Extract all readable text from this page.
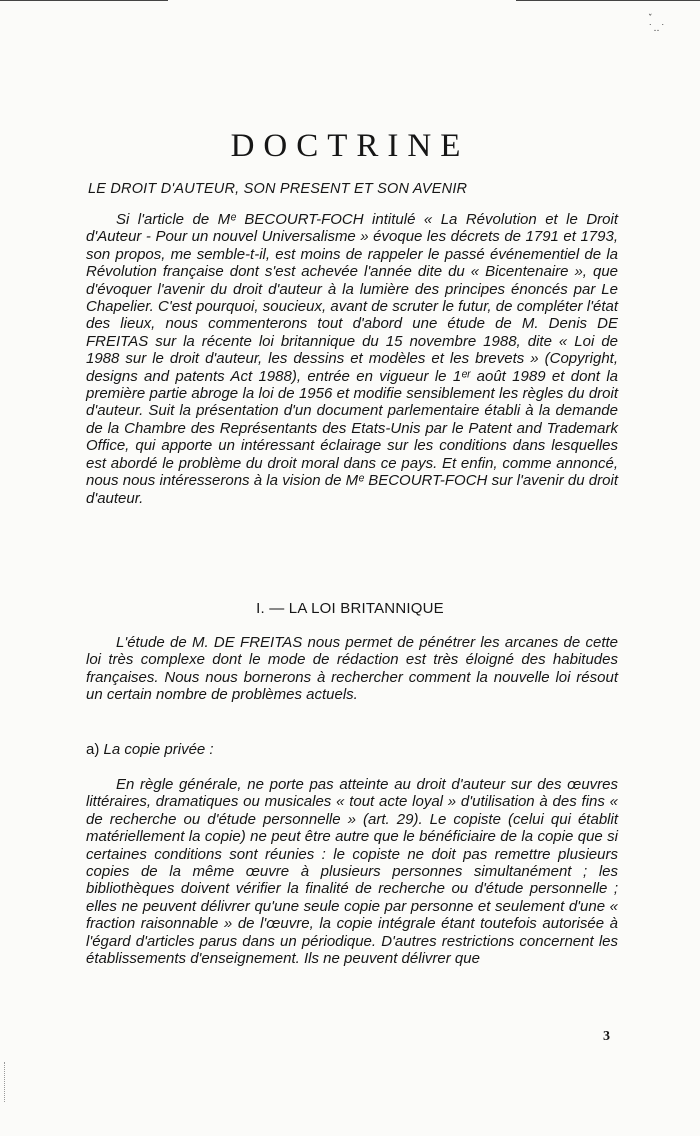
ˇ
˙‥˙
DOCTRINE
LE DROIT D'AUTEUR, SON PRESENT ET SON AVENIR

Si l'article de Mᵉ BECOURT-FOCH intitulé « La Révolution et le Droit d'Auteur - Pour un nouvel Universalisme » évoque les décrets de 1791 et 1793, son propos, me semble-t-il, est moins de rappeler le passé événementiel de la Révolution française dont s'est achevée l'année dite du « Bicentenaire », que d'évoquer l'avenir du droit d'auteur à la lumière des principes énoncés par Le Chapelier. C'est pourquoi, soucieux, avant de scruter le futur, de compléter l'état des lieux, nous commenterons tout d'abord une étude de M. Denis DE FREITAS sur la récente loi britannique du 15 novembre 1988, dite « Loi de 1988 sur le droit d'auteur, les dessins et modèles et les brevets » (Copyright, designs and patents Act 1988), entrée en vigueur le 1ᵉʳ août 1989 et dont la première partie abroge la loi de 1956 et modifie sensiblement les règles du droit d'auteur. Suit la présentation d'un document parlementaire établi à la demande de la Chambre des Représentants des Etats-Unis par le Patent and Trademark Office, qui apporte un intéressant éclairage sur les conditions dans lesquelles est abordé le problème du droit moral dans ce pays. Et enfin, comme annoncé, nous nous intéresserons à la vision de Mᵉ BECOURT-FOCH sur l'avenir du droit d'auteur.

I. — LA LOI BRITANNIQUE

L'étude de M. DE FREITAS nous permet de pénétrer les arcanes de cette loi très complexe dont le mode de rédaction est très éloigné des habitudes françaises. Nous nous bornerons à rechercher comment la nouvelle loi résout un certain nombre de problèmes actuels.

a) La copie privée :

En règle générale, ne porte pas atteinte au droit d'auteur sur des œuvres littéraires, dramatiques ou musicales « tout acte loyal » d'utilisation à des fins « de recherche ou d'étude personnelle » (art. 29). Le copiste (celui qui établit matériellement la copie) ne peut être autre que le bénéficiaire de la copie que si certaines conditions sont réunies : le copiste ne doit pas remettre plusieurs copies de la même œuvre à plusieurs personnes simultanément ; les bibliothèques doivent vérifier la finalité de recherche ou d'étude personnelle ; elles ne peuvent délivrer qu'une seule copie par personne et seulement d'une « fraction raisonnable » de l'œuvre, la copie intégrale étant toutefois autorisée à l'égard d'articles parus dans un périodique. D'autres restrictions concernent les établissements d'enseignement. Ils ne peuvent délivrer que

3
